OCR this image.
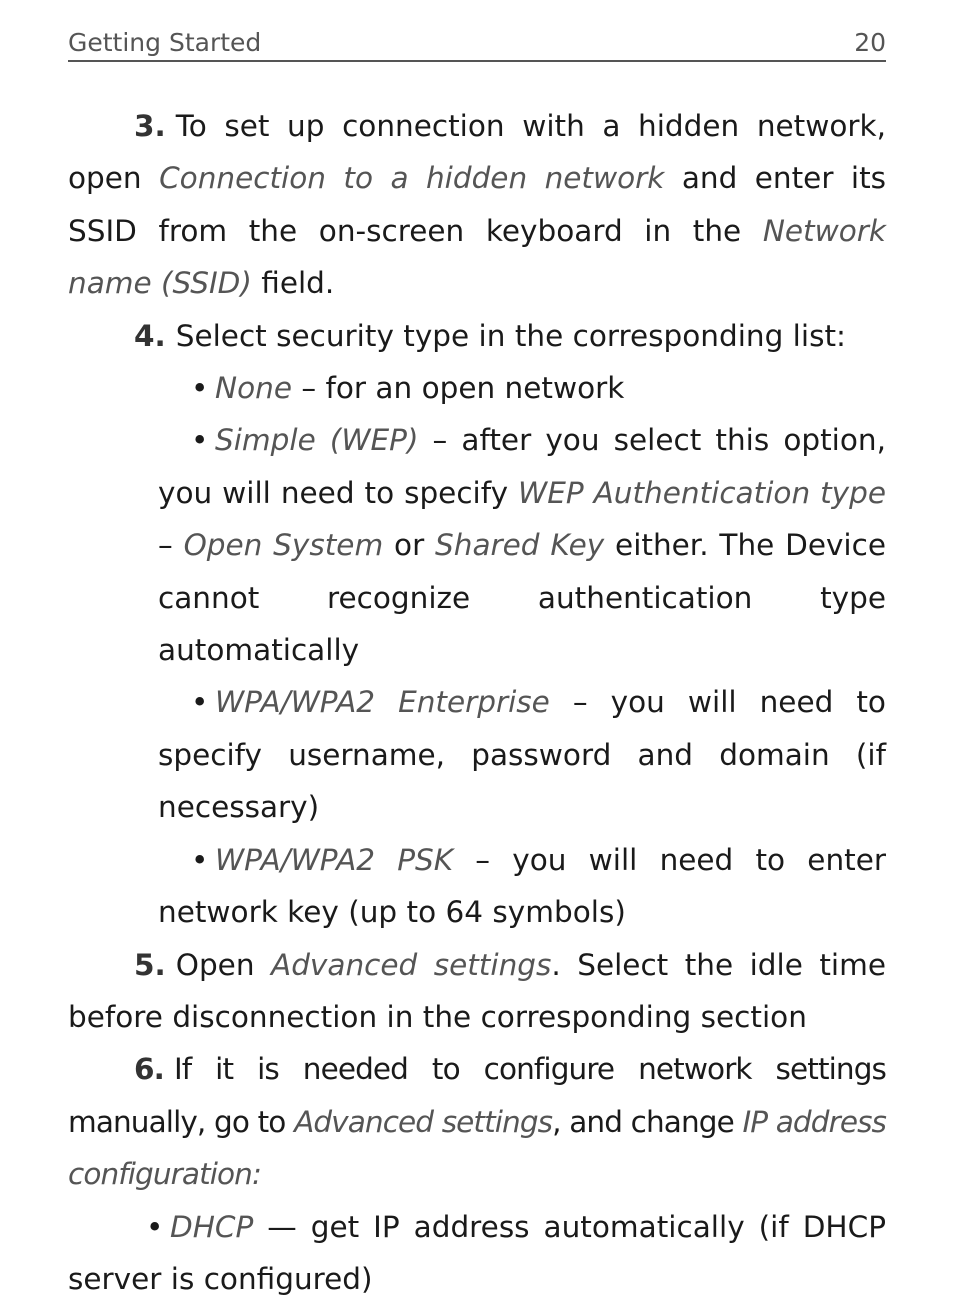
Getting Started	20

3. To set up connection with a hidden network, open Connection to a hidden network and enter its SSID from the on-screen keyboard in the Network name (SSID) field.

4. Select security type in the corresponding list:

• None – for an open network

• Simple (WEP) – after you select this option, you will need to specify WEP Authentication type – Open System or Shared Key either. The Device cannot recognize authentication type automatically

• WPA/WPA2 Enterprise – you will need to specify username, password and domain (if necessary)

• WPA/WPA2 PSK – you will need to enter network key (up to 64 symbols)

5. Open Advanced settings. Select the idle time before disconnection in the corresponding section

6. If it is needed to configure network settings manually, go to Advanced settings, and change IP address configuration:

• DHCP — get IP address automatically (if DHCP server is configured)
